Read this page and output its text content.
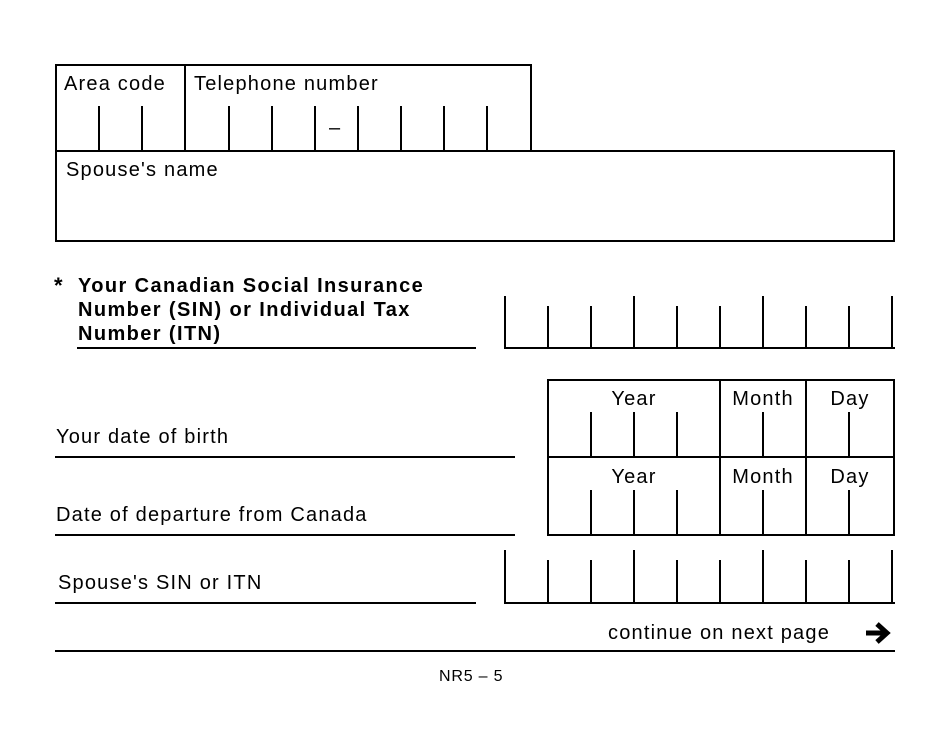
Area code Telephone number
–
Spouse's name
* Your Canadian Social Insurance Number (SIN) or Individual Tax Number (ITN)
Your date of birth
Year	Month	Day
Date of departure from Canada
Year	Month	Day
Spouse's SIN or ITN
continue on next page
NR5 – 5
